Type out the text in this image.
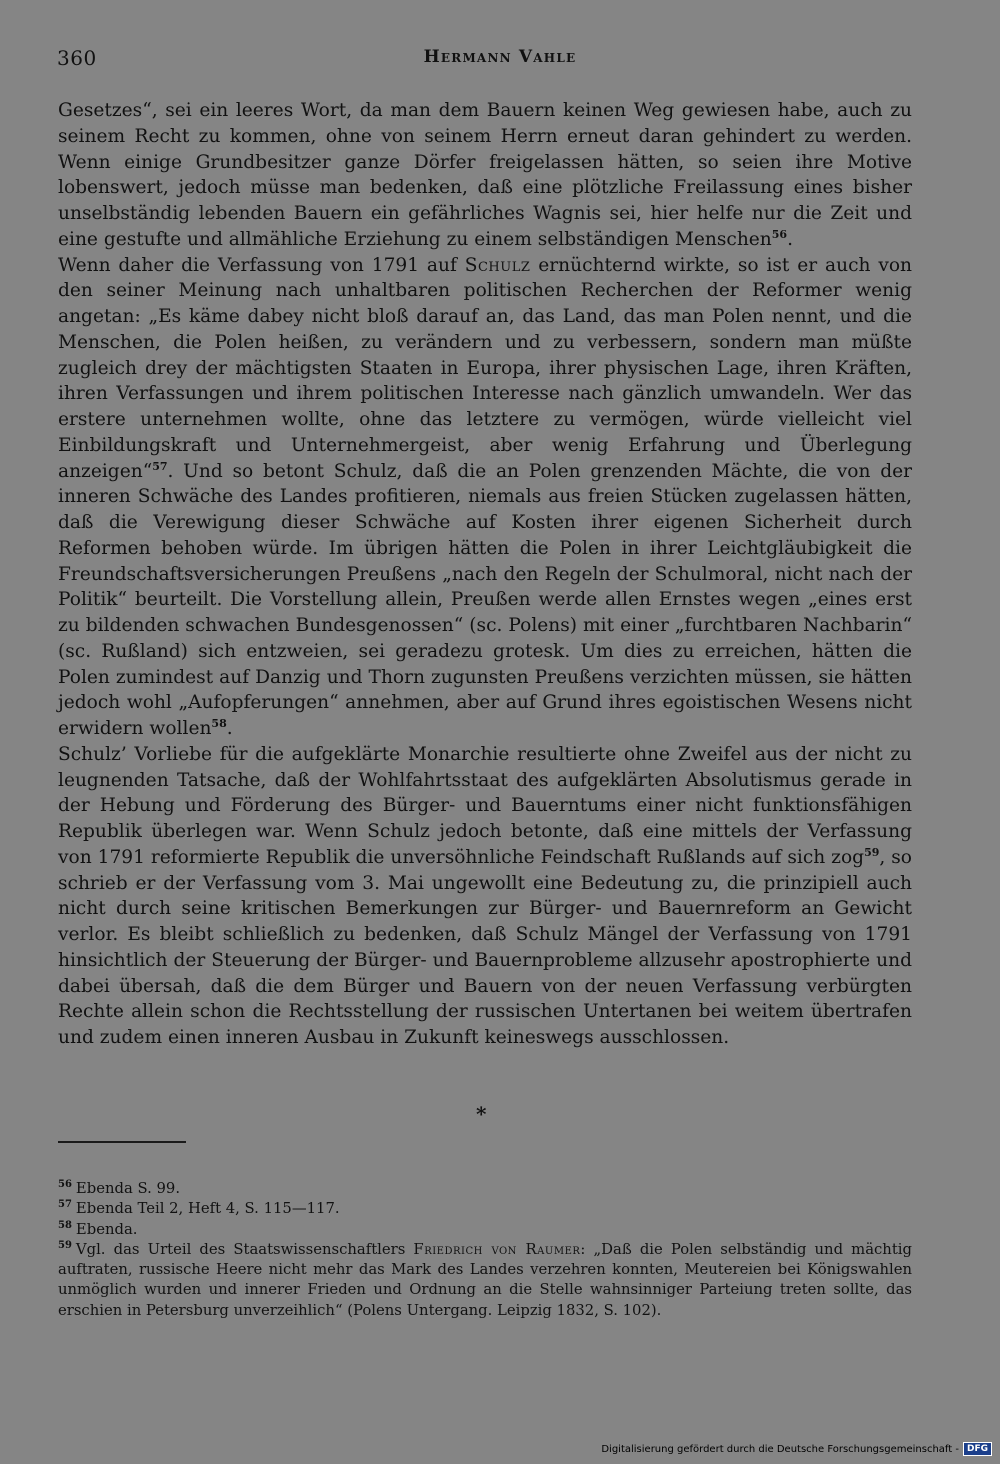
360	Hermann Vahle

Gesetzes“, sei ein leeres Wort, da man dem Bauern keinen Weg gewiesen habe, auch zu seinem Recht zu kommen, ohne von seinem Herrn erneut daran gehindert zu werden. Wenn einige Grundbesitzer ganze Dörfer freigelassen hätten, so seien ihre Motive lobenswert, jedoch müsse man bedenken, daß eine plötzliche Freilassung eines bisher unselbständig lebenden Bauern ein gefährliches Wagnis sei, hier helfe nur die Zeit und eine gestufte und allmähliche Erziehung zu einem selbständigen Menschen$^{56}$.

Wenn daher die Verfassung von 1791 auf Schulz ernüchternd wirkte, so ist er auch von den seiner Meinung nach unhaltbaren politischen Recherchen der Reformer wenig angetan: „Es käme dabey nicht bloß darauf an, das Land, das man Polen nennt, und die Menschen, die Polen heißen, zu verändern und zu verbessern, sondern man müßte zugleich drey der mächtigsten Staaten in Europa, ihrer physischen Lage, ihren Kräften, ihren Verfassungen und ihrem politischen Interesse nach gänzlich umwandeln. Wer das erstere unternehmen wollte, ohne das letztere zu vermögen, würde vielleicht viel Einbildungskraft und Unternehmergeist, aber wenig Erfahrung und Überlegung anzeigen“$^{57}$. Und so betont Schulz, daß die an Polen grenzenden Mächte, die von der inneren Schwäche des Landes profitieren, niemals aus freien Stücken zugelassen hätten, daß die Verewigung dieser Schwäche auf Kosten ihrer eigenen Sicherheit durch Reformen behoben würde. Im übrigen hätten die Polen in ihrer Leichtgläubigkeit die Freundschaftsversicherungen Preußens „nach den Regeln der Schulmoral, nicht nach der Politik“ beurteilt. Die Vorstellung allein, Preußen werde allen Ernstes wegen „eines erst zu bildenden schwachen Bundesgenossen“ (sc. Polens) mit einer „furchtbaren Nachbarin“ (sc. Rußland) sich entzweien, sei geradezu grotesk. Um dies zu erreichen, hätten die Polen zumindest auf Danzig und Thorn zugunsten Preußens verzichten müssen, sie hätten jedoch wohl „Aufopferungen“ annehmen, aber auf Grund ihres egoistischen Wesens nicht erwidern wollen$^{58}$.

Schulz’ Vorliebe für die aufgeklärte Monarchie resultierte ohne Zweifel aus der nicht zu leugnenden Tatsache, daß der Wohlfahrtsstaat des aufgeklärten Absolutismus gerade in der Hebung und Förderung des Bürger- und Bauerntums einer nicht funktionsfähigen Republik überlegen war. Wenn Schulz jedoch betonte, daß eine mittels der Verfassung von 1791 reformierte Republik die unversöhnliche Feindschaft Rußlands auf sich zog$^{59}$, so schrieb er der Verfassung vom 3. Mai ungewollt eine Bedeutung zu, die prinzipiell auch nicht durch seine kritischen Bemerkungen zur Bürger- und Bauernreform an Gewicht verlor. Es bleibt schließlich zu bedenken, daß Schulz Mängel der Verfassung von 1791 hinsichtlich der Steuerung der Bürger- und Bauernprobleme allzusehr apostrophierte und dabei übersah, daß die dem Bürger und Bauern von der neuen Verfassung verbürgten Rechte allein schon die Rechtsstellung der russischen Untertanen bei weitem übertrafen und zudem einen inneren Ausbau in Zukunft keineswegs ausschlossen.

*

$^{56}$ Ebenda S. 99.

$^{57}$ Ebenda Teil 2, Heft 4, S. 115—117.

$^{58}$ Ebenda.

$^{59}$ Vgl. das Urteil des Staatswissenschaftlers Friedrich von Raumer: „Daß die Polen selbständig und mächtig auftraten, russische Heere nicht mehr das Mark des Landes verzehren konnten, Meutereien bei Königswahlen unmöglich wurden und innerer Frieden und Ordnung an die Stelle wahnsinniger Parteiung treten sollte, das erschien in Petersburg unverzeihlich“ (Polens Untergang. Leipzig 1832, S. 102).

Digitalisierung gefördert durch die Deutsche Forschungsgemeinschaft - DFG
